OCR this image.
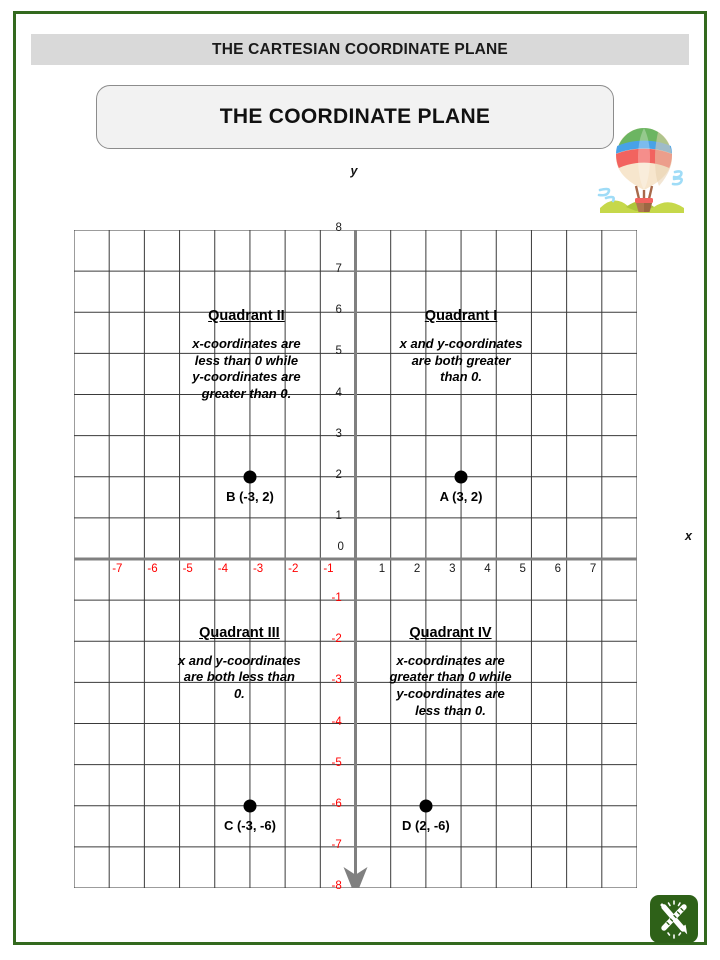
THE CARTESIAN COORDINATE PLANE
THE COORDINATE PLANE
x
y
0
1	2	3	4	5	6	7
-7 -6 -5 -4 -3 -2 -1
1
2
3
4
5
6
7
8
-1
-2
-3
-4
-5
-6
-7
-8
A (3, 2)
B (-3, 2)
C (-3, -6)	D (2, -6)
Quadrant I
x and y-coordinates
are both greater
than 0.
Quadrant II
x-coordinates are
less than 0 while
y-coordinates are
greater than 0.
Quadrant III
x and y-coordinates
are both less than
0.
Quadrant IV
x-coordinates are
greater than 0 while
y-coordinates are
less than 0.
